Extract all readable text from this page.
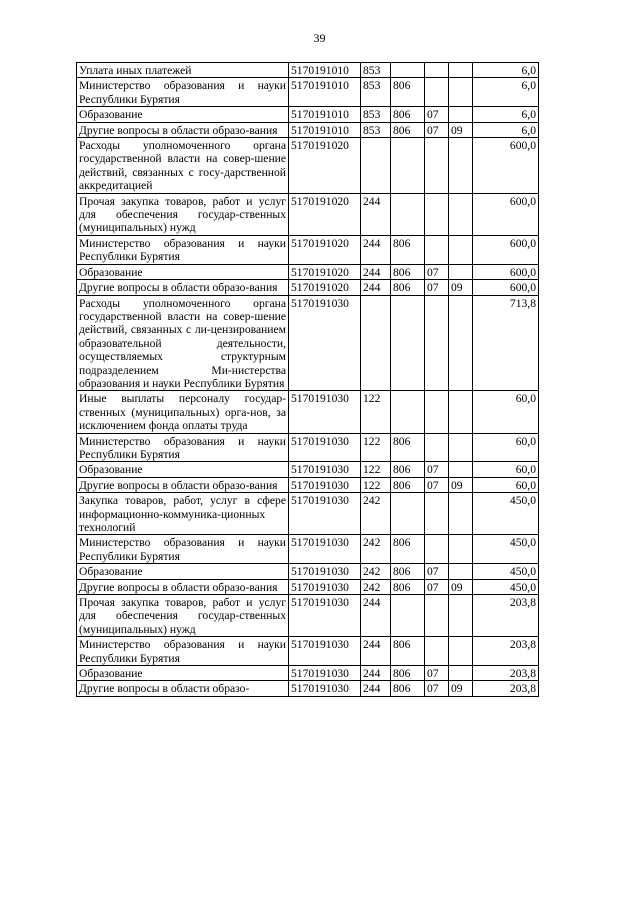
39
Уплата иных платежей	5170191010	853				6,0
Министерство образования и науки Республики Бурятия	5170191010	853	806			6,0
Образование	5170191010	853	806	07		6,0
Другие вопросы в области образо-вания	5170191010	853	806	07	09	6,0
Расходы уполномоченного органа государственной власти на совер-шение действий, связанных с госу-дарственной аккредитацией	5170191020					600,0
Прочая закупка товаров, работ и услуг для обеспечения государ-ственных (муниципальных) нужд	5170191020	244				600,0
Министерство образования и науки Республики Бурятия	5170191020	244	806			600,0
Образование	5170191020	244	806	07		600,0
Другие вопросы в области образо-вания	5170191020	244	806	07	09	600,0
Расходы уполномоченного органа государственной власти на совер-шение действий, связанных с ли-цензированием образовательной деятельности, осуществляемых структурным подразделением Ми-нистерства образования и науки Республики Бурятия	5170191030					713,8
Иные выплаты персоналу государ-ственных (муниципальных) орга-нов, за исключением фонда оплаты труда	5170191030	122				60,0
Министерство образования и науки Республики Бурятия	5170191030	122	806			60,0
Образование	5170191030	122	806	07		60,0
Другие вопросы в области образо-вания	5170191030	122	806	07	09	60,0
Закупка товаров, работ, услуг в сфере информационно-коммуника-ционных технологий	5170191030	242				450,0
Министерство образования и науки Республики Бурятия	5170191030	242	806			450,0
Образование	5170191030	242	806	07		450,0
Другие вопросы в области образо-вания	5170191030	242	806	07	09	450,0
Прочая закупка товаров, работ и услуг для обеспечения государ-ственных (муниципальных) нужд	5170191030	244				203,8
Министерство образования и науки Республики Бурятия	5170191030	244	806			203,8
Образование	5170191030	244	806	07		203,8
Другие вопросы в области образо-	5170191030	244	806	07	09	203,8
